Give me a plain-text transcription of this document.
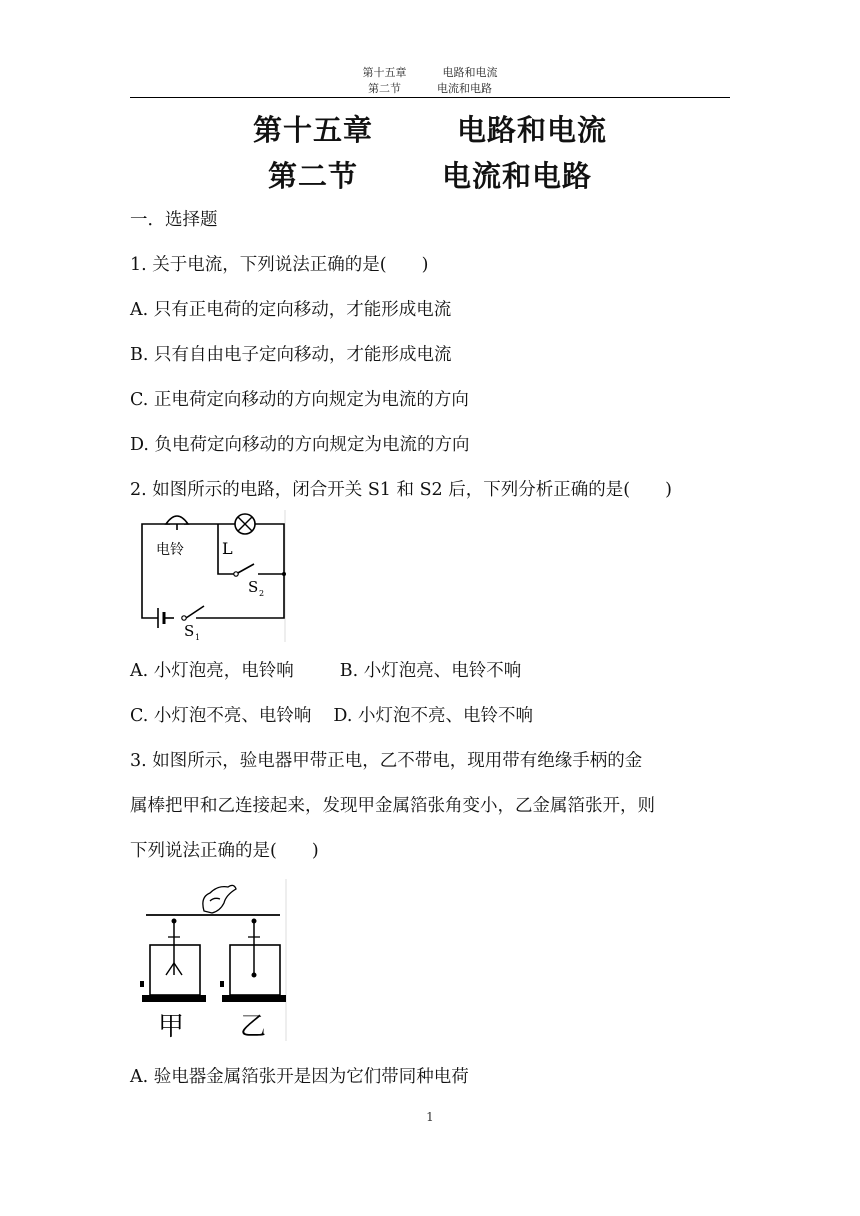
第十五章	电路和电流
第二节	电流和电路
第十五章	电路和电流
第二节	电流和电路
一．选择题
1. 关于电流，下列说法正确的是(　　)
A. 只有正电荷的定向移动，才能形成电流
B. 只有自由电子定向移动，才能形成电流
C. 正电荷定向移动的方向规定为电流的方向
D. 负电荷定向移动的方向规定为电流的方向
2. 如图所示的电路，闭合开关 S1 和 S2 后，下列分析正确的是(　　)
电铃 L
S 2
S 1
A. 小灯泡亮，电铃响	B. 小灯泡亮、电铃不响
C. 小灯泡不亮、电铃响 D. 小灯泡不亮、电铃不响
3. 如图所示，验电器甲带正电，乙不带电，现用带有绝缘手柄的金
属棒把甲和乙连接起来，发现甲金属箔张角变小，乙金属箔张开，则
下列说法正确的是(　　)
甲 乙
A. 验电器金属箔张开是因为它们带同种电荷
1
